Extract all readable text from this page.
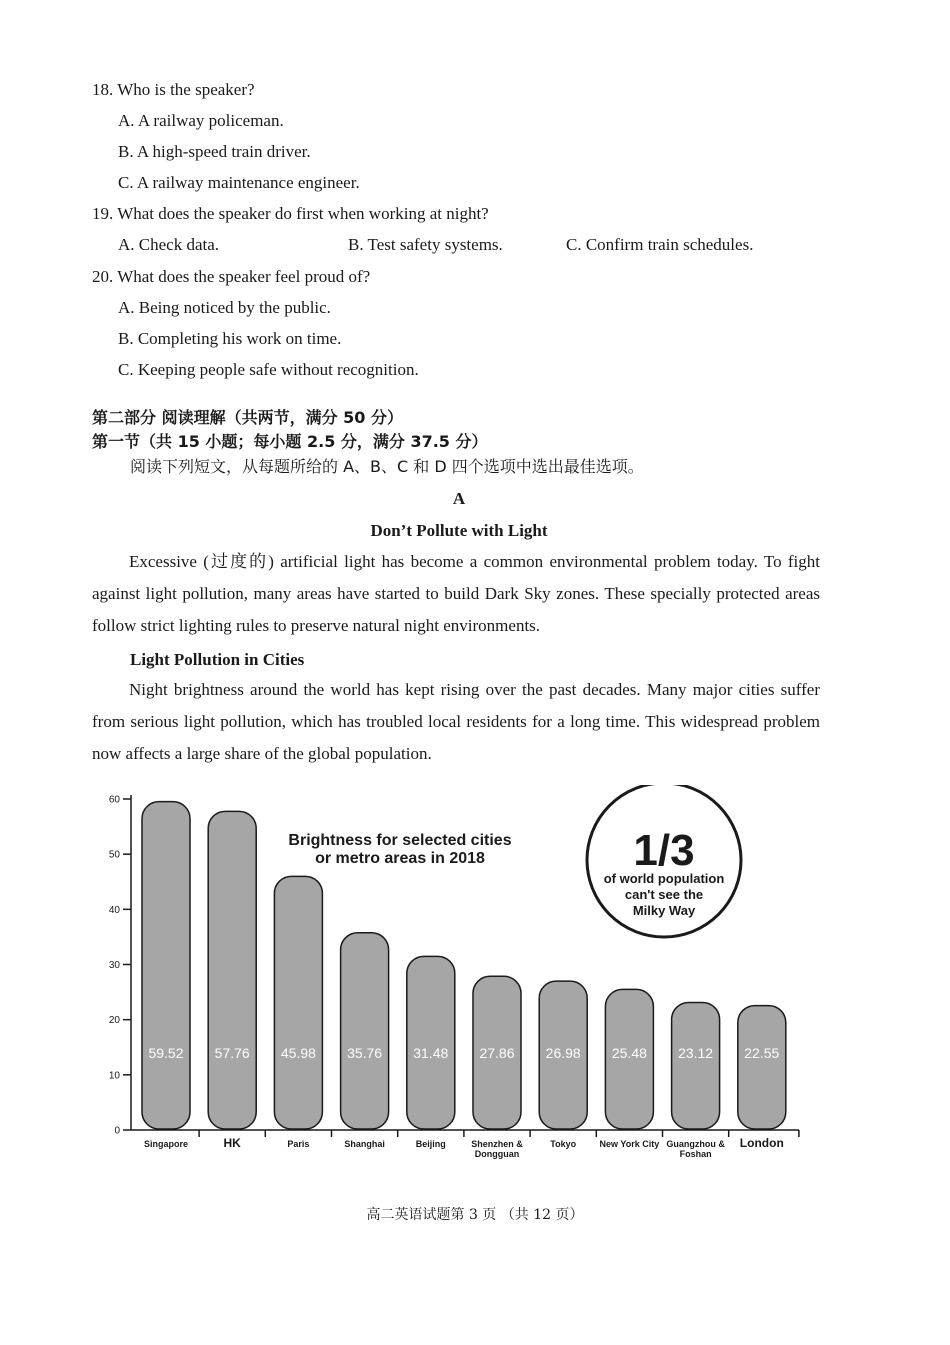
18. Who is the speaker?
A. A railway policeman.
B. A high-speed train driver.
C. A railway maintenance engineer.
19. What does the speaker do first when working at night?
A. Check data.	B. Test safety systems.	C. Confirm train schedules.
20. What does the speaker feel proud of?
A. Being noticed by the public.
B. Completing his work on time.
C. Keeping people safe without recognition.
第二部分 阅读理解（共两节，满分 50 分）
第一节（共 15 小题；每小题 2.5 分，满分 37.5 分）
阅读下列短文，从每题所给的 A、B、C 和 D 四个选项中选出最佳选项。
A
Don’t Pollute with Light
Excessive (过度的) artificial light has become a common environmental problem today. To fight against light pollution, many areas have started to build Dark Sky zones. These specially protected areas follow strict lighting rules to preserve natural night environments.
Light Pollution in Cities
Night brightness around the world has kept rising over the past decades. Many major cities suffer from serious light pollution, which has troubled local residents for a long time. This widespread problem now affects a large share of the global population.
0
10
20
30
40
50
60
59.52 57.76 45.98 35.76 31.48 27.86 26.98 25.48 23.12 22.55
Singapore	HK	Paris	Shanghai	Beijing	Shenzhen &
Dongguan
Tokyo	New York City Guangzhou &
Foshan
London
Brightness for selected cities
or metro areas in 2018	1/3
of world population
can't see the
Milky Way
高二英语试题第 3 页 （共 12 页）
